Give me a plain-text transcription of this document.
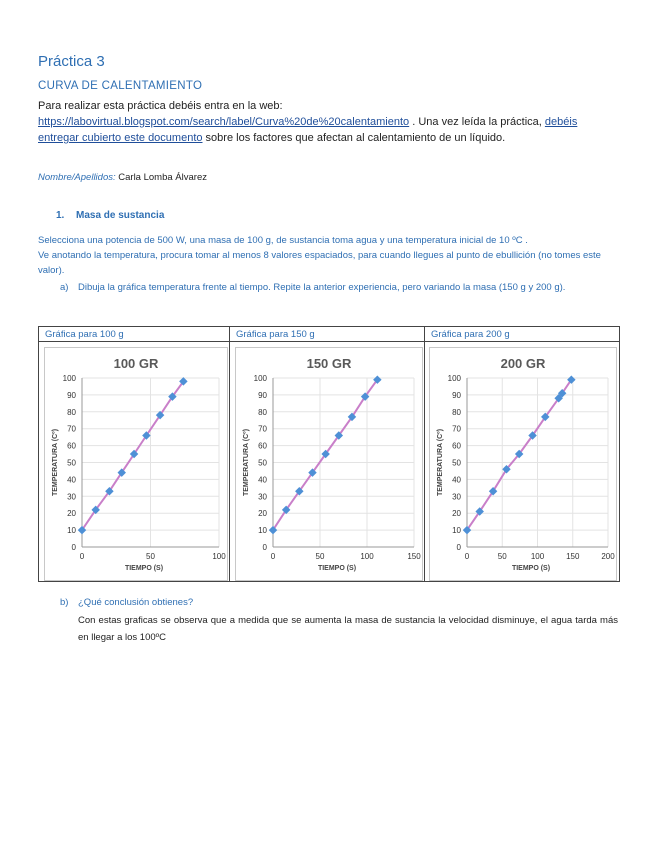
Práctica 3
CURVA DE CALENTAMIENTO
Para realizar esta práctica debéis entra en la web:
https://labovirtual.blogspot.com/search/label/Curva%20de%20calentamiento . Una vez leída la práctica, debéis entregar cubierto este documento sobre los factores que afectan al calentamiento de un líquido.
Nombre/Apellidos: Carla Lomba Álvarez
1. Masa de sustancia
Selecciona una potencia de 500 W, una masa de 100 g, de sustancia toma agua y una temperatura inicial de 10 ºC .
Ve anotando la temperatura, procura tomar al menos 8 valores espaciados, para cuando llegues al punto de ebullición (no tomes este valor).
a) Dibuja la gráfica temperatura frente al tiempo. Repite la anterior experiencia, pero variando la masa (150 g y 200 g).
Gráfica para 100 g	Gráfica para 150 g	Gráfica para 200 g
100 GR
0
10
20
30
40
50
60
70
80
90
100
0	50	100
TIEMPO (S)
TEMPERATURA (Cº)
150 GR
0
10
20
30
40
50
60
70
80
90
100
0	50	100	150
TIEMPO (S)
TEMPERATURA (Cº)
200 GR
0
10
20
30
40
50
60
70
80
90
100
0	50	100	150	200
TIEMPO (S)
TEMPERATURA (Cº)
b) ¿Qué conclusión obtienes?
Con estas graficas se observa que a medida que se aumenta la masa de sustancia la velocidad disminuye, el agua tarda más en llegar a los 100ºC
